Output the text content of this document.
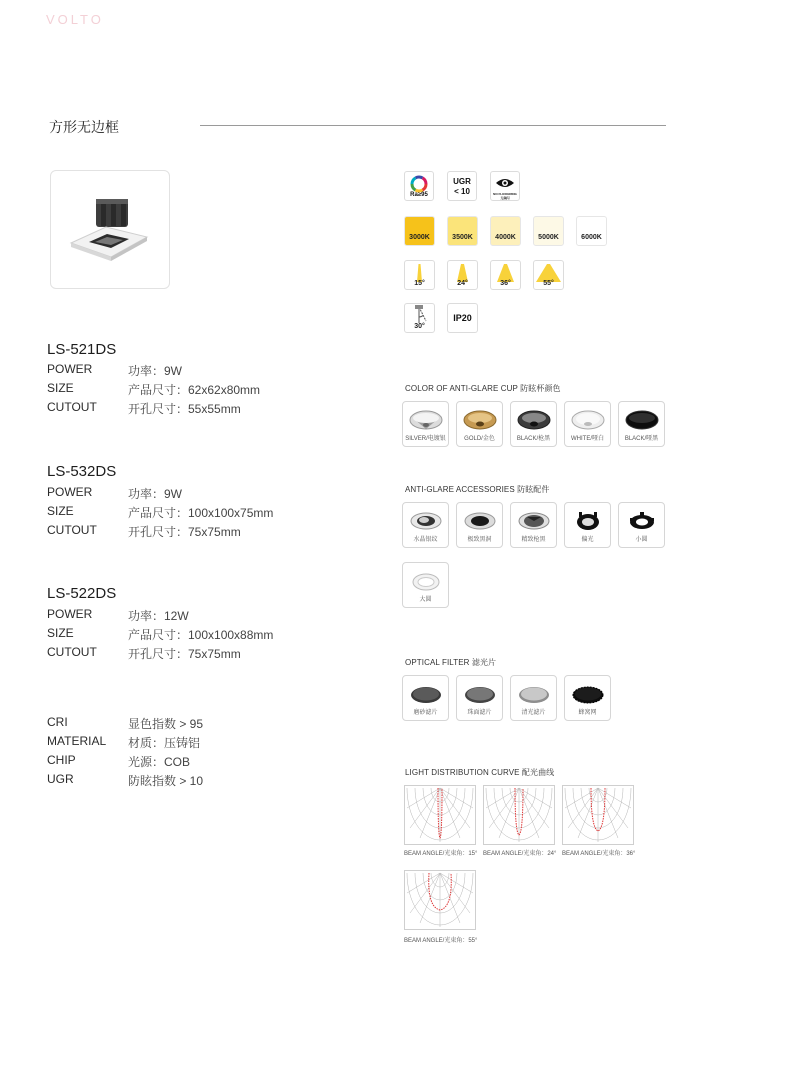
VOLTO
方形无边框
LS-521DS
POWER	功率：9W
SIZE	产品尺寸：62x62x80mm
CUTOUT	开孔尺寸：55x55mm
LS-532DS
POWER	功率：9W
SIZE	产品尺寸：100x100x75mm
CUTOUT	开孔尺寸：75x75mm
LS-522DS
POWER	功率：12W
SIZE	产品尺寸：100x100x88mm
CUTOUT	开孔尺寸：75x75mm
CRI	显色指数 > 95
MATERIAL 材质：压铸铝
CHIP	光源：COB
UGR	防眩指数 > 10
Ra≥95
UGR
< 10	NO FLICKERING
无频闪
3000K	3500K	4000K	5000K	6000K
15°	24°	36°	55°
30°
IP20
COLOR OF ANTI-GLARE CUP 防眩杯颜色
SILVER/电镀银	GOLD/金色	BLACK/枪黑	WHITE/哑白	BLACK/哑黑
ANTI-GLARE ACCESSORIES 防眩配件
水晶银纹	极致黑洞	精致枪黑	偏光	小圆
大圆
OPTICAL FILTER 滤光片
磨砂滤片	珠面滤片	清光滤片	蜂窝网
LIGHT DISTRIBUTION CURVE 配光曲线
BEAM ANGLE/光束角：15° BEAM ANGLE/光束角：24° BEAM ANGLE/光束角：36°
BEAM ANGLE/光束角：55°
